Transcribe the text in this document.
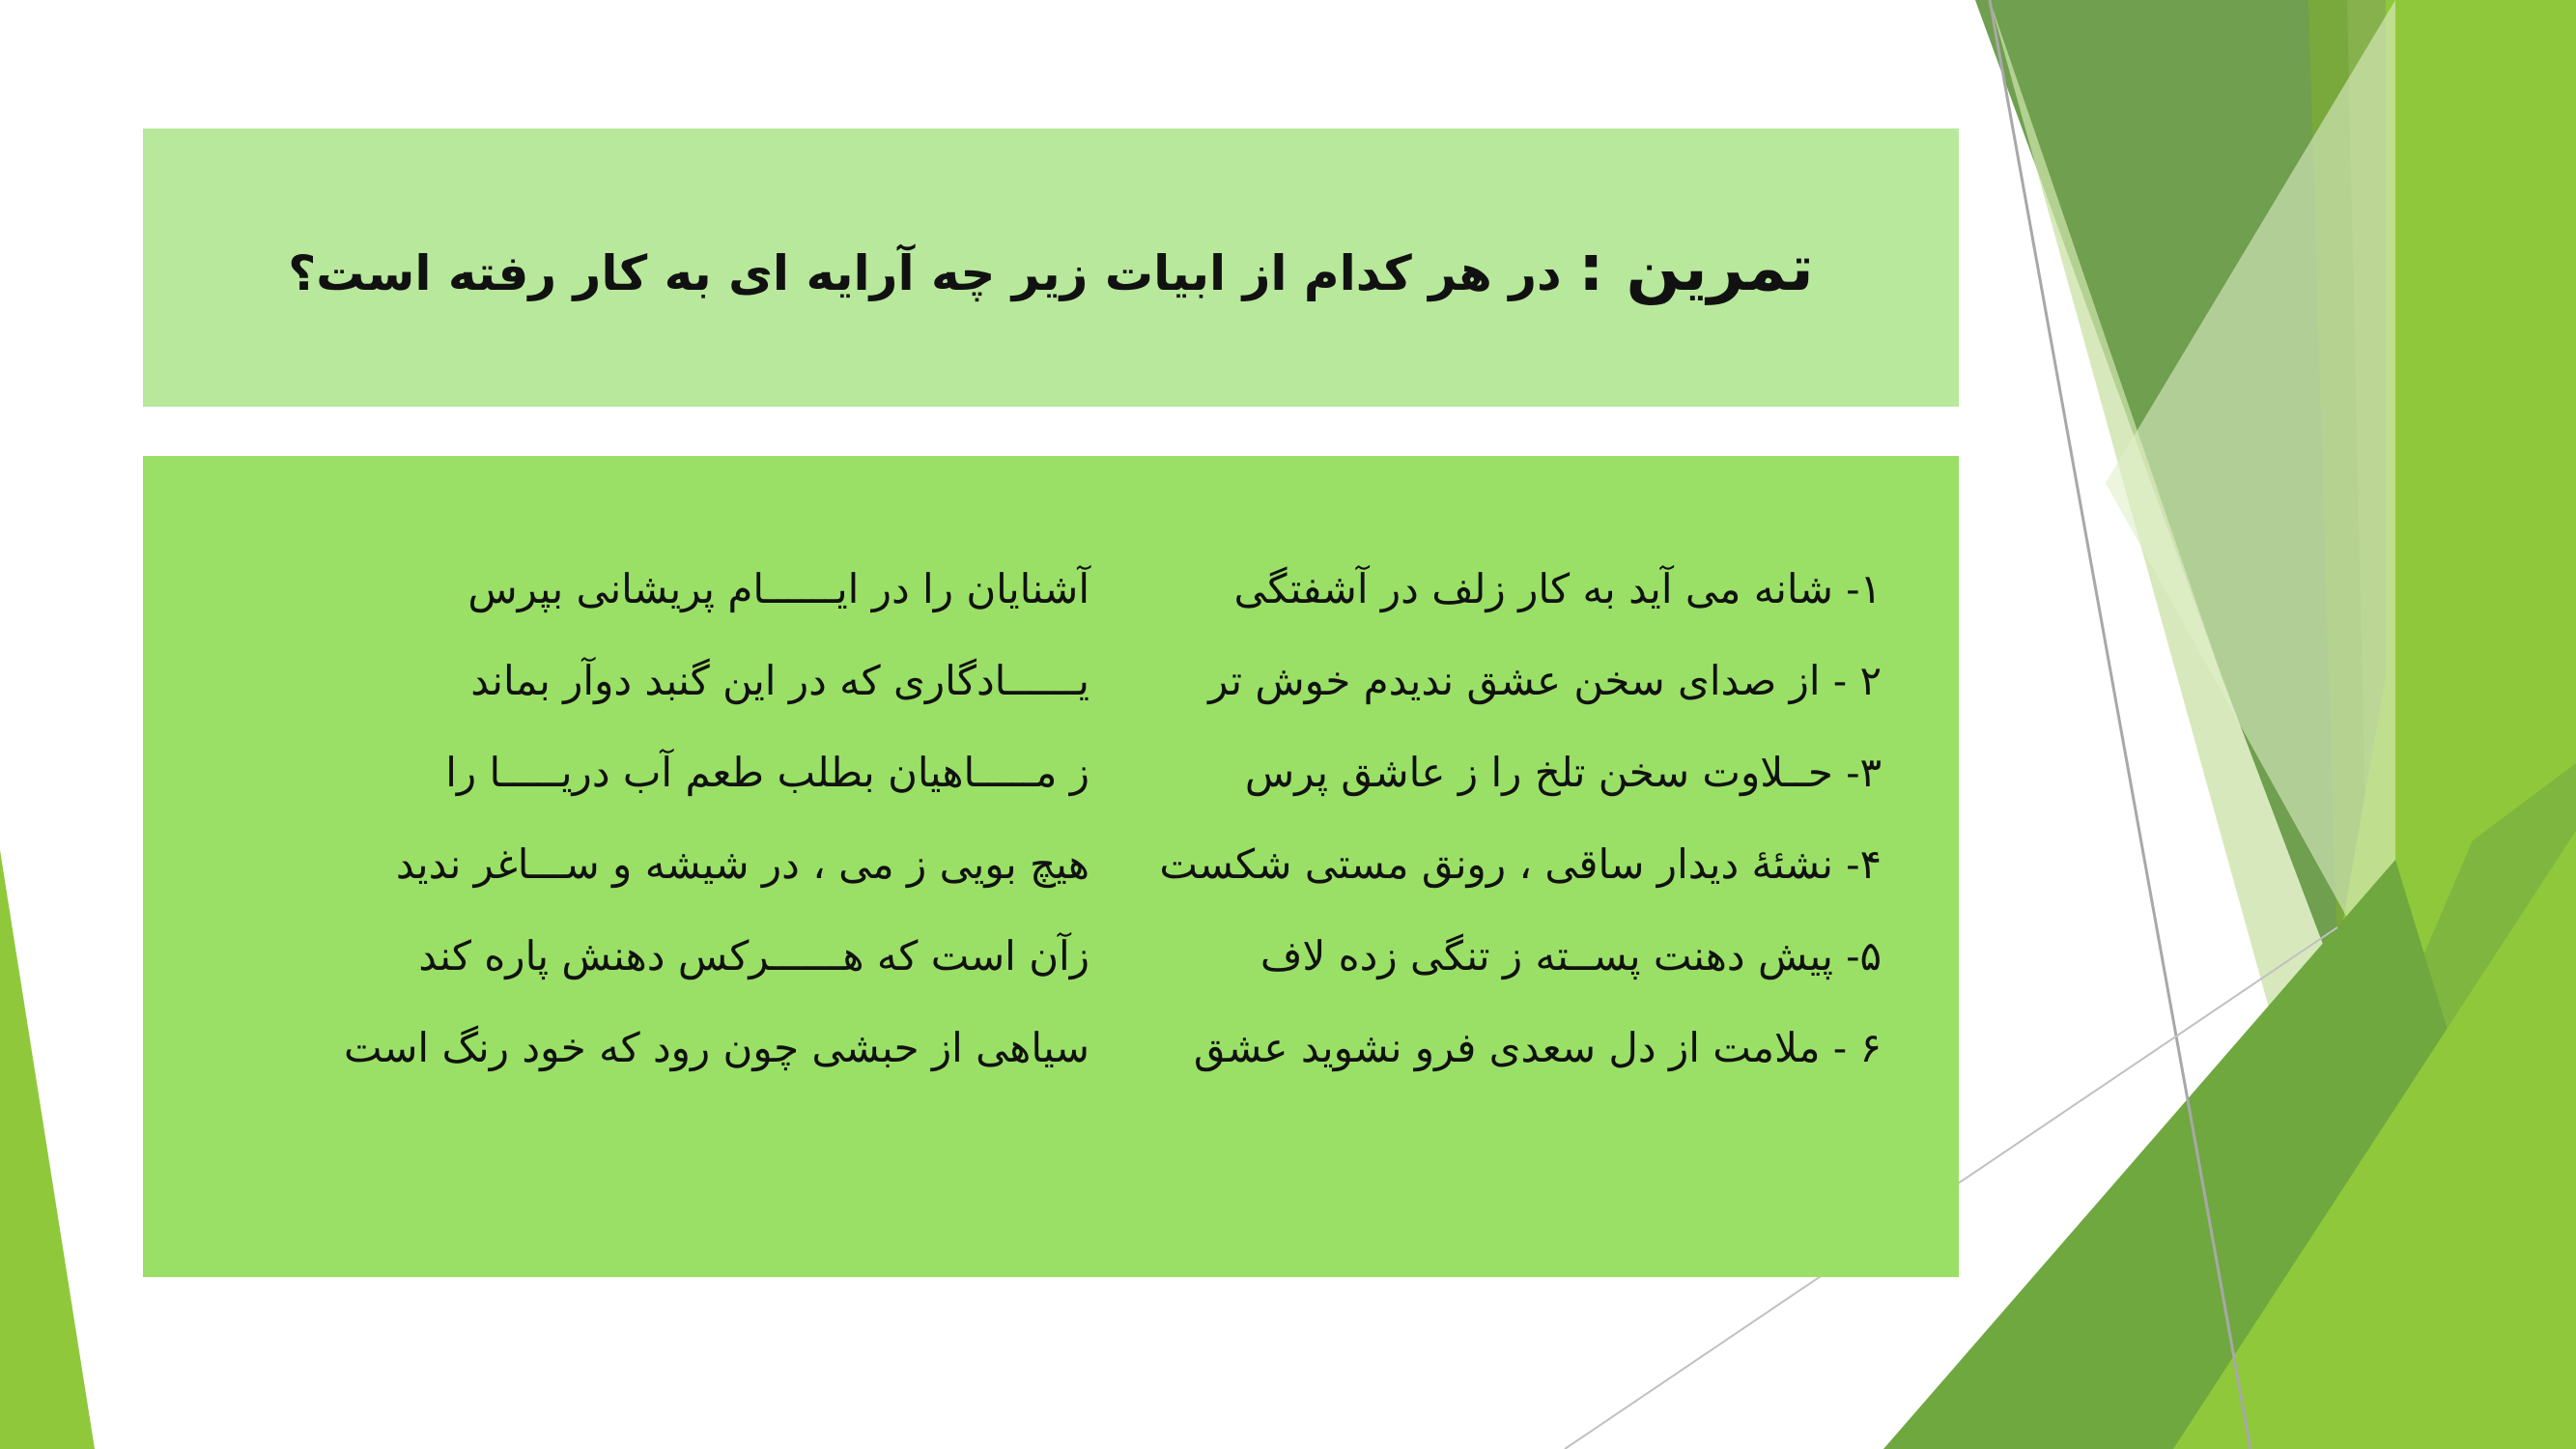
تمرین : در هر کدام از ابیات زیر چه آرایه ای به کار رفته است؟
۱- شانه می آید به کار زلف در آشفتگی
آشنایان را در ایــــــام پریشانی بپرس
۲ - از صدای سخن عشق ندیدم خوش تر
یــــــادگاری که در این گنبد دوآر بماند
۳- حــلاوت سخن تلخ را ز عاشق پرس
ز مـــــاهیان بطلب طعم آب دریـــــا را
۴- نشئۀ دیدار ساقی ، رونق مستی شکست
هیچ بویی ز می ، در شیشه و ســـاغر ندید
۵- پیش دهنت پســته ز تنگی زده لاف
زآن است که هــــــرکس دهنش پاره کند
۶ - ملامت از دل سعدی فرو نشوید عشق
سیاهی از حبشی چون رود که خود رنگ است
